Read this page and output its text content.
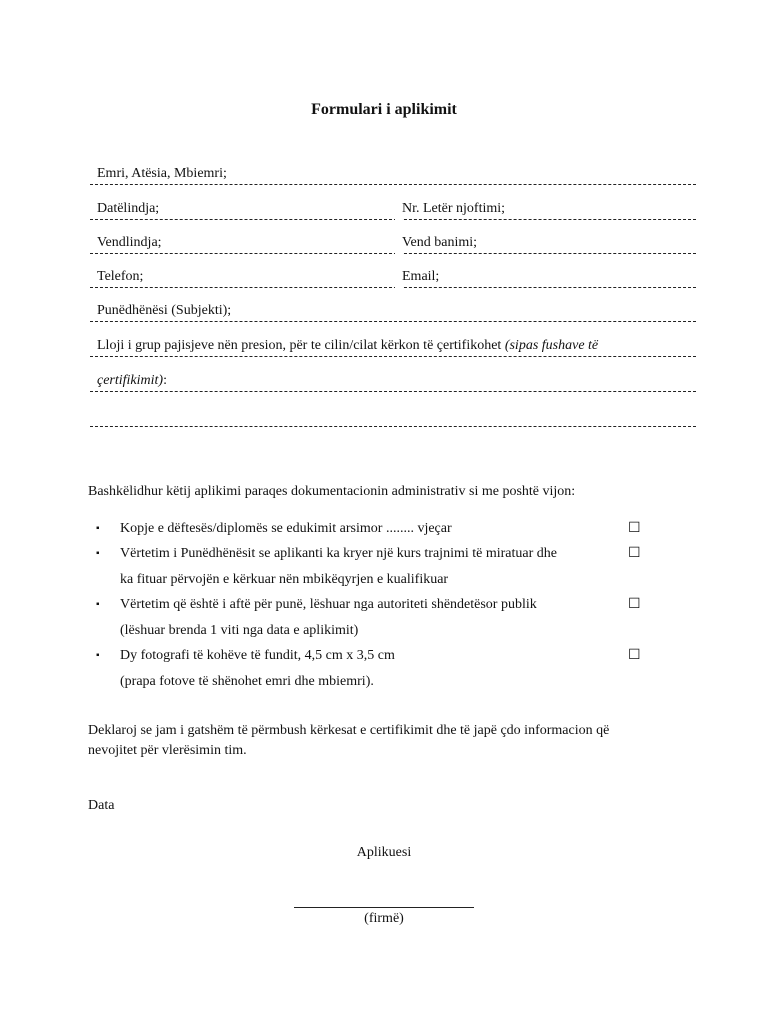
Formulari i aplikimit
Emri, Atësia, Mbiemri;
Datëlindja;	Nr. Letër njoftimi;
Vendlindja;	Vend banimi;
Telefon;	Email;
Punëdhënësi (Subjekti);
Lloji i grup pajisjeve nën presion, për te cilin/cilat kërkon të çertifikohet (sipas fushave të
çertifikimit):
Bashkëlidhur këtij aplikimi paraqes dokumentacionin administrativ si me poshtë vijon:
▪ Kopje e dëftesës/diplomës se edukimit arsimor ........ vjeçar	☐
▪ Vërtetim i Punëdhënësit se aplikanti ka kryer një kurs trajnimi të miratuar dhe	☐
ka fituar përvojën e kërkuar nën mbikëqyrjen e kualifikuar
▪ Vërtetim që është i aftë për punë, lëshuar nga autoriteti shëndetësor publik	☐
(lëshuar brenda 1 viti nga data e aplikimit)
▪ Dy fotografi të kohëve të fundit, 4,5 cm x 3,5 cm	☐
(prapa fotove të shënohet emri dhe mbiemri).
Deklaroj se jam i gatshëm të përmbush kërkesat e certifikimit dhe të japë çdo informacion që
nevojitet për vlerësimin tim.
Data
Aplikuesi
(firmë)
